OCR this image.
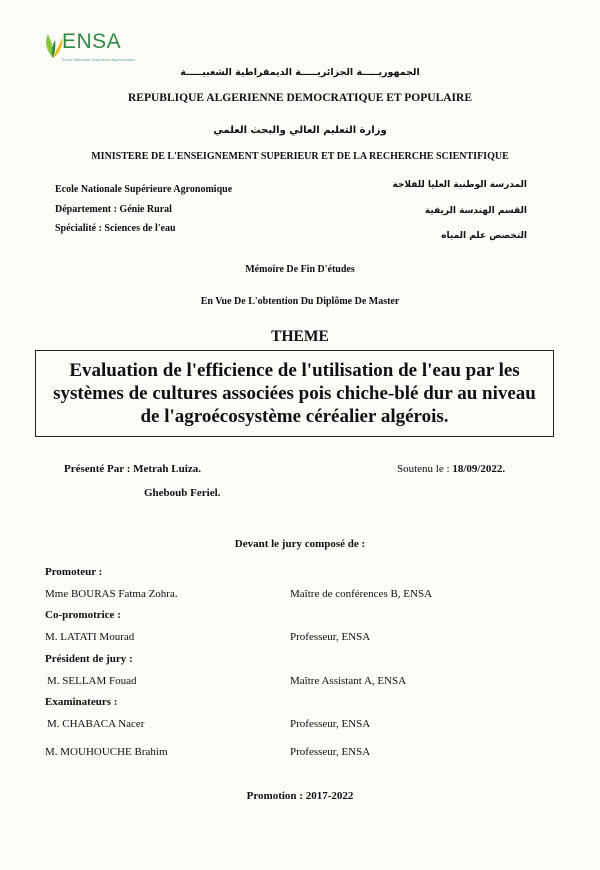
ENSA
École Nationale Supérieure Agronomique
الجمهوريـــــة الجزائريـــــة الديمقراطية الشعبيـــــة
REPUBLIQUE ALGERIENNE DEMOCRATIQUE ET POPULAIRE
وزارة التعليم العالي والبحث العلمي
MINISTERE DE L'ENSEIGNEMENT SUPERIEUR ET DE LA RECHERCHE SCIENTIFIQUE
Ecole Nationale Supérieure Agronomique
Département : Génie Rural
Spécialité : Sciences de l'eau
المدرسة الوطنية العليا للفلاحة
القسم الهندسة الريفية
التخصص علم المياه
Mémoire De Fin D'études
En Vue De L'obtention Du Diplôme De Master
THEME
Evaluation de l'efficience de l'utilisation de l'eau par les systèmes de cultures associées pois chiche-blé dur au niveau de l'agroécosystème céréalier algérois.
Présenté Par : Metrah Luiza.
Gheboub Feriel.
Soutenu le : 18/09/2022.
Devant le jury composé de :
Promoteur :
Mme BOURAS Fatma Zohra.	Maître de conférences B, ENSA
Co-promotrice :
M. LATATI Mourad	Professeur, ENSA
Président de jury :
M. SELLAM Fouad	Maître Assistant A, ENSA
Examinateurs :
M. CHABACA Nacer	Professeur, ENSA
M. MOUHOUCHE Brahim	Professeur, ENSA
Promotion : 2017-2022
